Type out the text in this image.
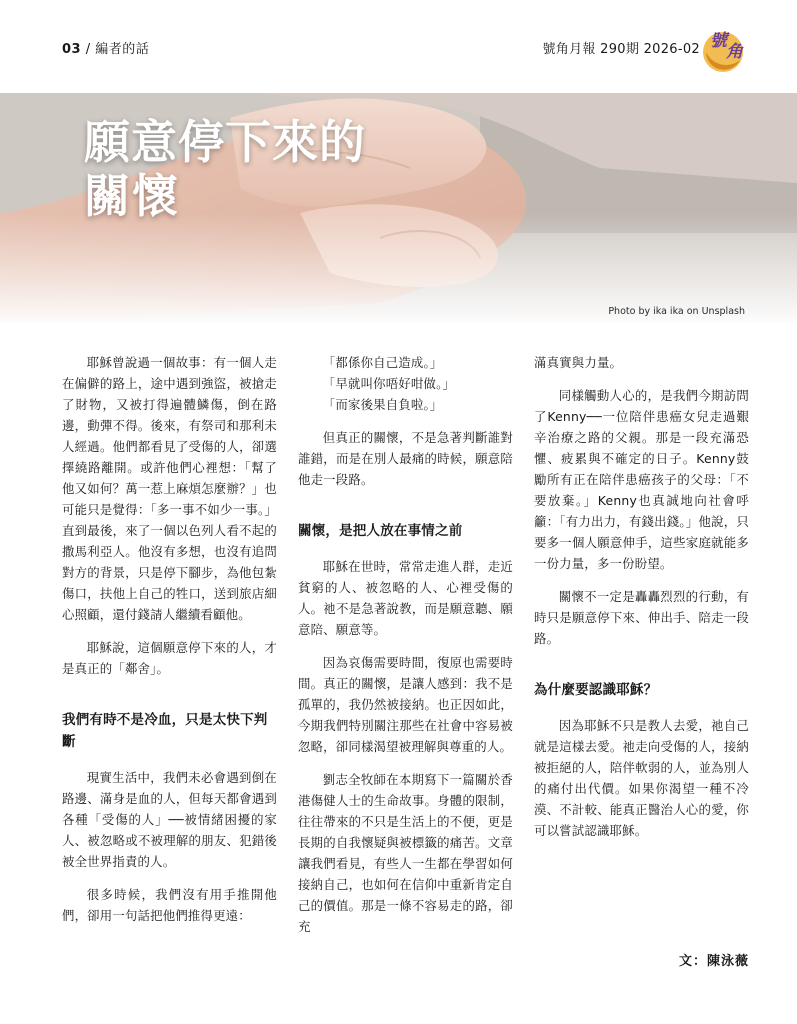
03 / 編者的話	號角月報 290期 2026-02 號
角
願意停下來的
關懷
Photo by ika ika on Unsplash

耶穌曾說過一個故事：有一個人走在偏僻的路上，途中遇到強盜，被搶走了財物，又被打得遍體鱗傷，倒在路邊，動彈不得。後來，有祭司和那利未人經過。他們都看見了受傷的人，卻選擇繞路離開。或許他們心裡想：「幫了他又如何？萬一惹上麻煩怎麼辦？」也可能只是覺得：「多一事不如少一事。」直到最後，來了一個以色列人看不起的撒馬利亞人。他沒有多想，也沒有追問對方的背景，只是停下腳步，為他包紮傷口，扶他上自己的牲口，送到旅店細心照顧，還付錢請人繼續看顧他。

耶穌說，這個願意停下來的人，才是真正的「鄰舍」。

我們有時不是冷血，只是太快下判斷

現實生活中，我們未必會遇到倒在路邊、滿身是血的人，但每天都會遇到各種「受傷的人」──被情緒困擾的家人、被忽略或不被理解的朋友、犯錯後被全世界指責的人。

很多時候，我們沒有用手推開他們，卻用一句話把他們推得更遠：

「都係你自己造成。」

「早就叫你唔好咁做。」

「而家後果自負啦。」

但真正的關懷，不是急著判斷誰對誰錯，而是在別人最痛的時候，願意陪他走一段路。

關懷，是把人放在事情之前

耶穌在世時，常常走進人群，走近貧窮的人、被忽略的人、心裡受傷的人。祂不是急著說教，而是願意聽、願意陪、願意等。

因為哀傷需要時間，復原也需要時間。真正的關懷，是讓人感到：我不是孤單的，我仍然被接納。也正因如此，今期我們特別關注那些在社會中容易被忽略，卻同樣渴望被理解與尊重的人。

劉志全牧師在本期寫下一篇關於香港傷健人士的生命故事。身體的限制，往往帶來的不只是生活上的不便，更是長期的自我懷疑與被標籤的痛苦。文章讓我們看見，有些人一生都在學習如何接納自己，也如何在信仰中重新肯定自己的價值。那是一條不容易走的路，卻充

滿真實與力量。

同樣觸動人心的，是我們今期訪問了Kenny──一位陪伴患癌女兒走過艱辛治療之路的父親。那是一段充滿恐懼、疲累與不確定的日子。Kenny鼓勵所有正在陪伴患癌孩子的父母：「不要放棄。」Kenny也真誠地向社會呼籲：「有力出力，有錢出錢。」他說，只要多一個人願意伸手，這些家庭就能多一份力量，多一份盼望。

關懷不一定是轟轟烈烈的行動，有時只是願意停下來、伸出手、陪走一段路。

為什麼要認識耶穌？

因為耶穌不只是教人去愛，祂自己就是這樣去愛。祂走向受傷的人，接納被拒絕的人，陪伴軟弱的人，並為別人的痛付出代價。如果你渴望一種不冷漠、不計較、能真正醫治人心的愛，你可以嘗試認識耶穌。

文：陳泳薇
